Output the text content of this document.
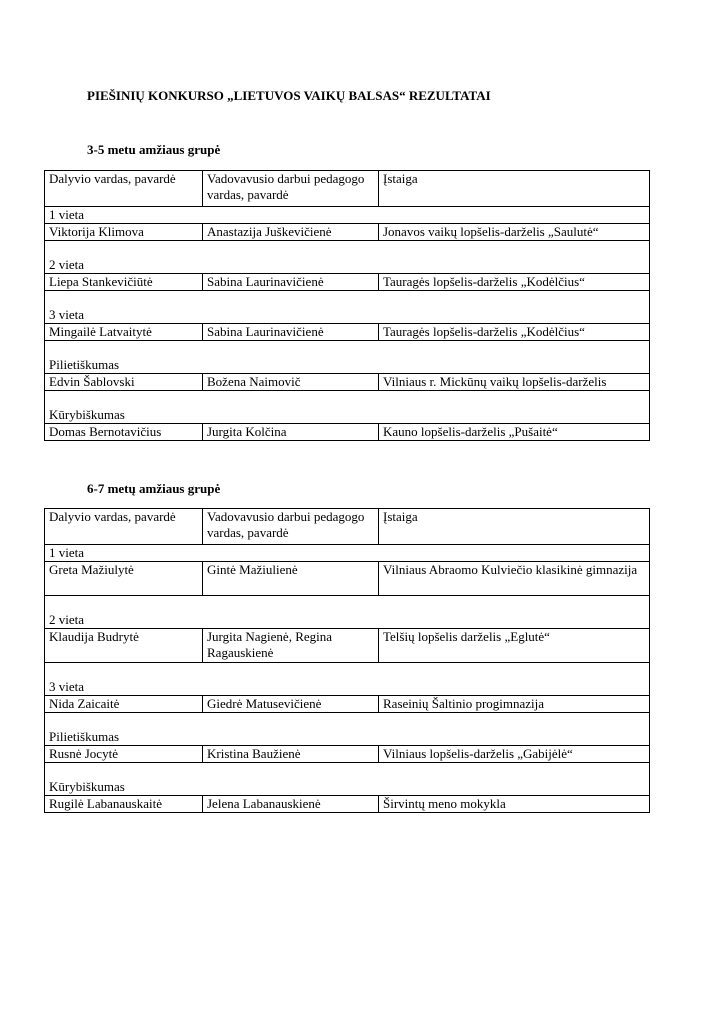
PIEŠINIŲ KONKURSO „LIETUVOS VAIKŲ BALSAS“ REZULTATAI
3-5 metu amžiaus grupė
Dalyvio vardas, pavardė	Vadovavusio darbui pedagogo vardas, pavardė	Įstaiga
1 vieta		
Viktorija Klimova	Anastazija Juškevičienė	Jonavos vaikų lopšelis-darželis „Saulutė“
2 vieta		
Liepa Stankevičiūtė	Sabina Laurinavičienė	Tauragės lopšelis-darželis „Kodėlčius“
3 vieta		
Mingailė Latvaitytė	Sabina Laurinavičienė	Tauragės lopšelis-darželis „Kodėlčius“
Pilietiškumas		
Edvin Šablovski	Božena Naimovič	Vilniaus r. Mickūnų vaikų lopšelis-darželis
Kūrybiškumas		
Domas Bernotavičius	Jurgita Kolčina	Kauno lopšelis-darželis „Pušaitė“
6-7 metų amžiaus grupė
Dalyvio vardas, pavardė	Vadovavusio darbui pedagogo vardas, pavardė	Įstaiga
1 vieta		
Greta Mažiulytė	Gintė Mažiulienė	Vilniaus Abraomo Kulviečio klasikinė gimnazija
2 vieta		
Klaudija Budrytė	Jurgita Nagienė, Regina Ragauskienė	Telšių lopšelis darželis „Eglutė“
3 vieta		
Nida Zaicaitė	Giedrė Matusevičienė	Raseinių Šaltinio progimnazija
Pilietiškumas		
Rusnė Jocytė	Kristina Baužienė	Vilniaus lopšelis-darželis „Gabijėlė“
Kūrybiškumas		
Rugilė Labanauskaitė	Jelena Labanauskienė	Širvintų meno mokykla
